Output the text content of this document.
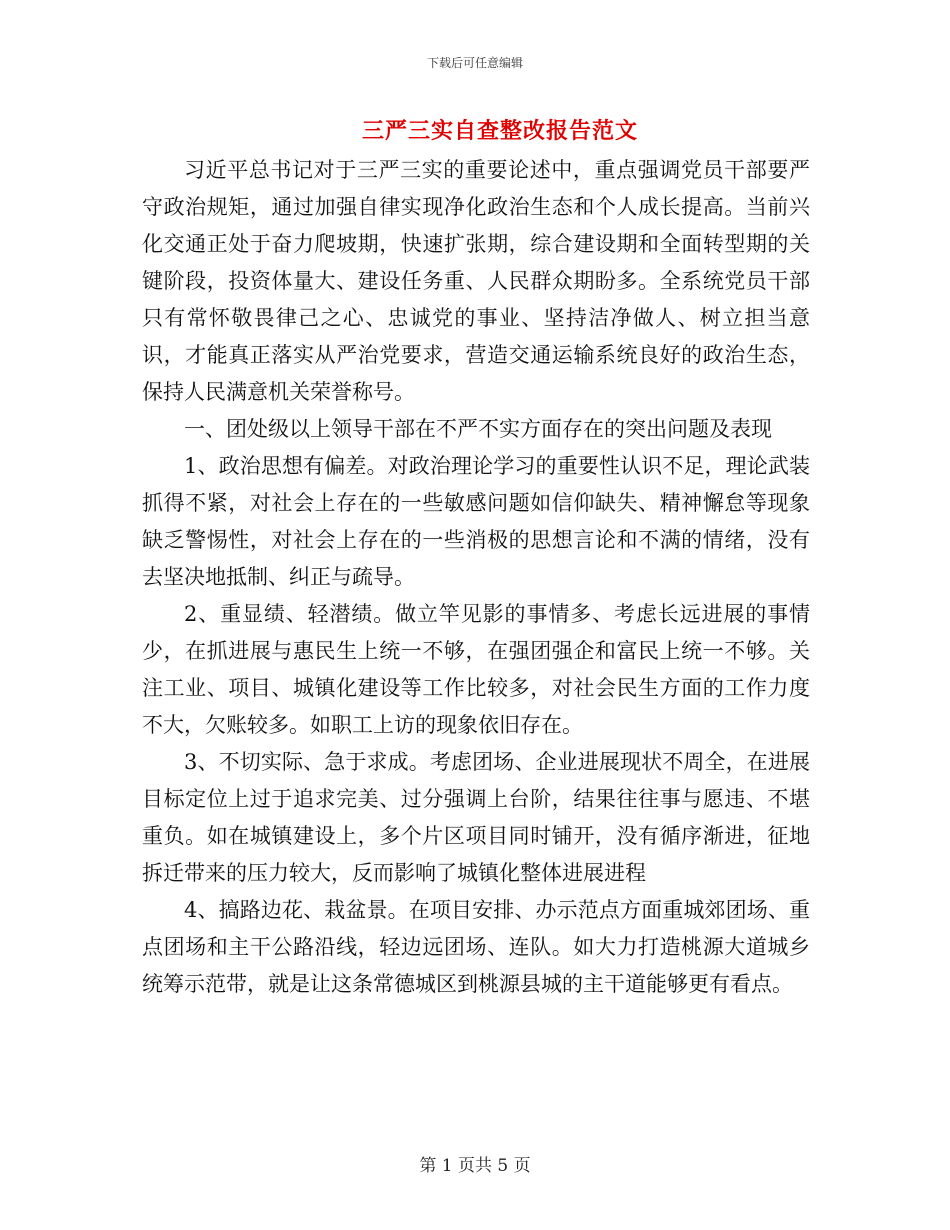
下载后可任意编辑
三严三实自查整改报告范文

习近平总书记对于三严三实的重要论述中，重点强调党员干部要严守政治规矩，通过加强自律实现净化政治生态和个人成长提高。当前兴化交通正处于奋力爬坡期，快速扩张期，综合建设期和全面转型期的关键阶段，投资体量大、建设任务重、人民群众期盼多。全系统党员干部只有常怀敬畏律己之心、忠诚党的事业、坚持洁净做人、树立担当意识，才能真正落实从严治党要求，营造交通运输系统良好的政治生态，保持人民满意机关荣誉称号。

一、团处级以上领导干部在不严不实方面存在的突出问题及表现

1、政治思想有偏差。对政治理论学习的重要性认识不足，理论武装抓得不紧，对社会上存在的一些敏感问题如信仰缺失、精神懈怠等现象缺乏警惕性，对社会上存在的一些消极的思想言论和不满的情绪，没有去坚决地抵制、纠正与疏导。

2、重显绩、轻潜绩。做立竿见影的事情多、考虑长远进展的事情少，在抓进展与惠民生上统一不够，在强团强企和富民上统一不够。关注工业、项目、城镇化建设等工作比较多，对社会民生方面的工作力度不大，欠账较多。如职工上访的现象依旧存在。

3、不切实际、急于求成。考虑团场、企业进展现状不周全，在进展目标定位上过于追求完美、过分强调上台阶，结果往往事与愿违、不堪重负。如在城镇建设上，多个片区项目同时铺开，没有循序渐进，征地拆迁带来的压力较大，反而影响了城镇化整体进展进程

4、搞路边花、栽盆景。在项目安排、办示范点方面重城郊团场、重点团场和主干公路沿线，轻边远团场、连队。如大力打造桃源大道城乡统筹示范带，就是让这条常德城区到桃源县城的主干道能够更有看点。

第 1 页共 5 页
